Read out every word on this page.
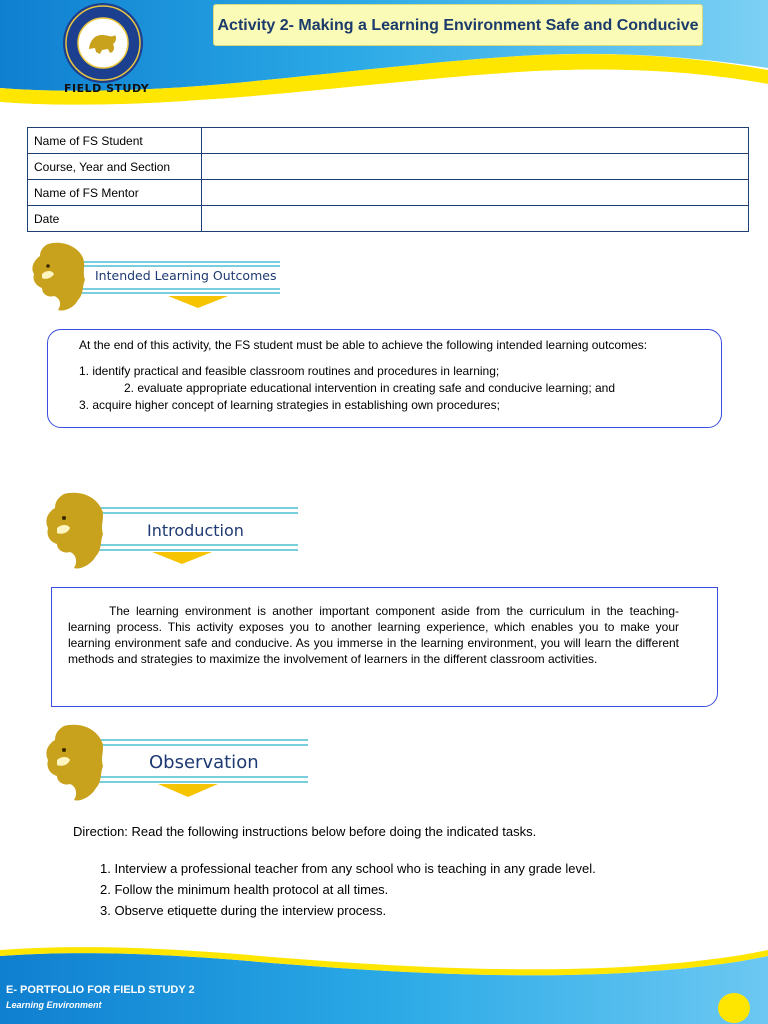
FIELD STUDY
Activity 2- Making a Learning Environment Safe and Conducive
Name of FS Student	
Course, Year and Section	
Name of FS Mentor	
Date	
Intended Learning Outcomes

At the end of this activity, the FS student must be able to achieve the following intended learning outcomes:

1. identify practical and feasible classroom routines and procedures in learning;

2. evaluate appropriate educational intervention in creating safe and conducive learning; and

3. acquire higher concept of learning strategies in establishing own procedures;

Introduction

The learning environment is another important component aside from the curriculum in the teaching-learning process. This activity exposes you to another learning experience, which enables you to make your learning environment safe and conducive. As you immerse in the learning environment, you will learn the different methods and strategies to maximize the involvement of learners in the different classroom activities.

Observation
Direction: Read the following instructions below before doing the indicated tasks.
1. Interview a professional teacher from any school who is teaching in any grade level.
2. Follow the minimum health protocol at all times.
3. Observe etiquette during the interview process.
E- PORTFOLIO FOR FIELD STUDY 2
Learning Environment
